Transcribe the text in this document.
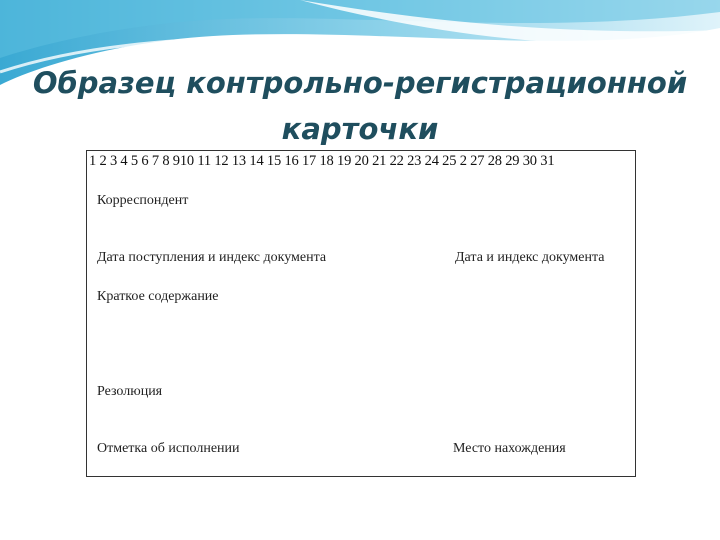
Образец контрольно-регистрационной карточки
1 2 3 4 5 6 7 8 910 11 12 13 14 15 16 17 18 19 20 21 22 23 24 25 2 27 28 29 30 31
Корреспондент
Дата поступления и индекс документа	Дата и индекс документа
Краткое содержание
Резолюция
Отметка об исполнении	Место нахождения
